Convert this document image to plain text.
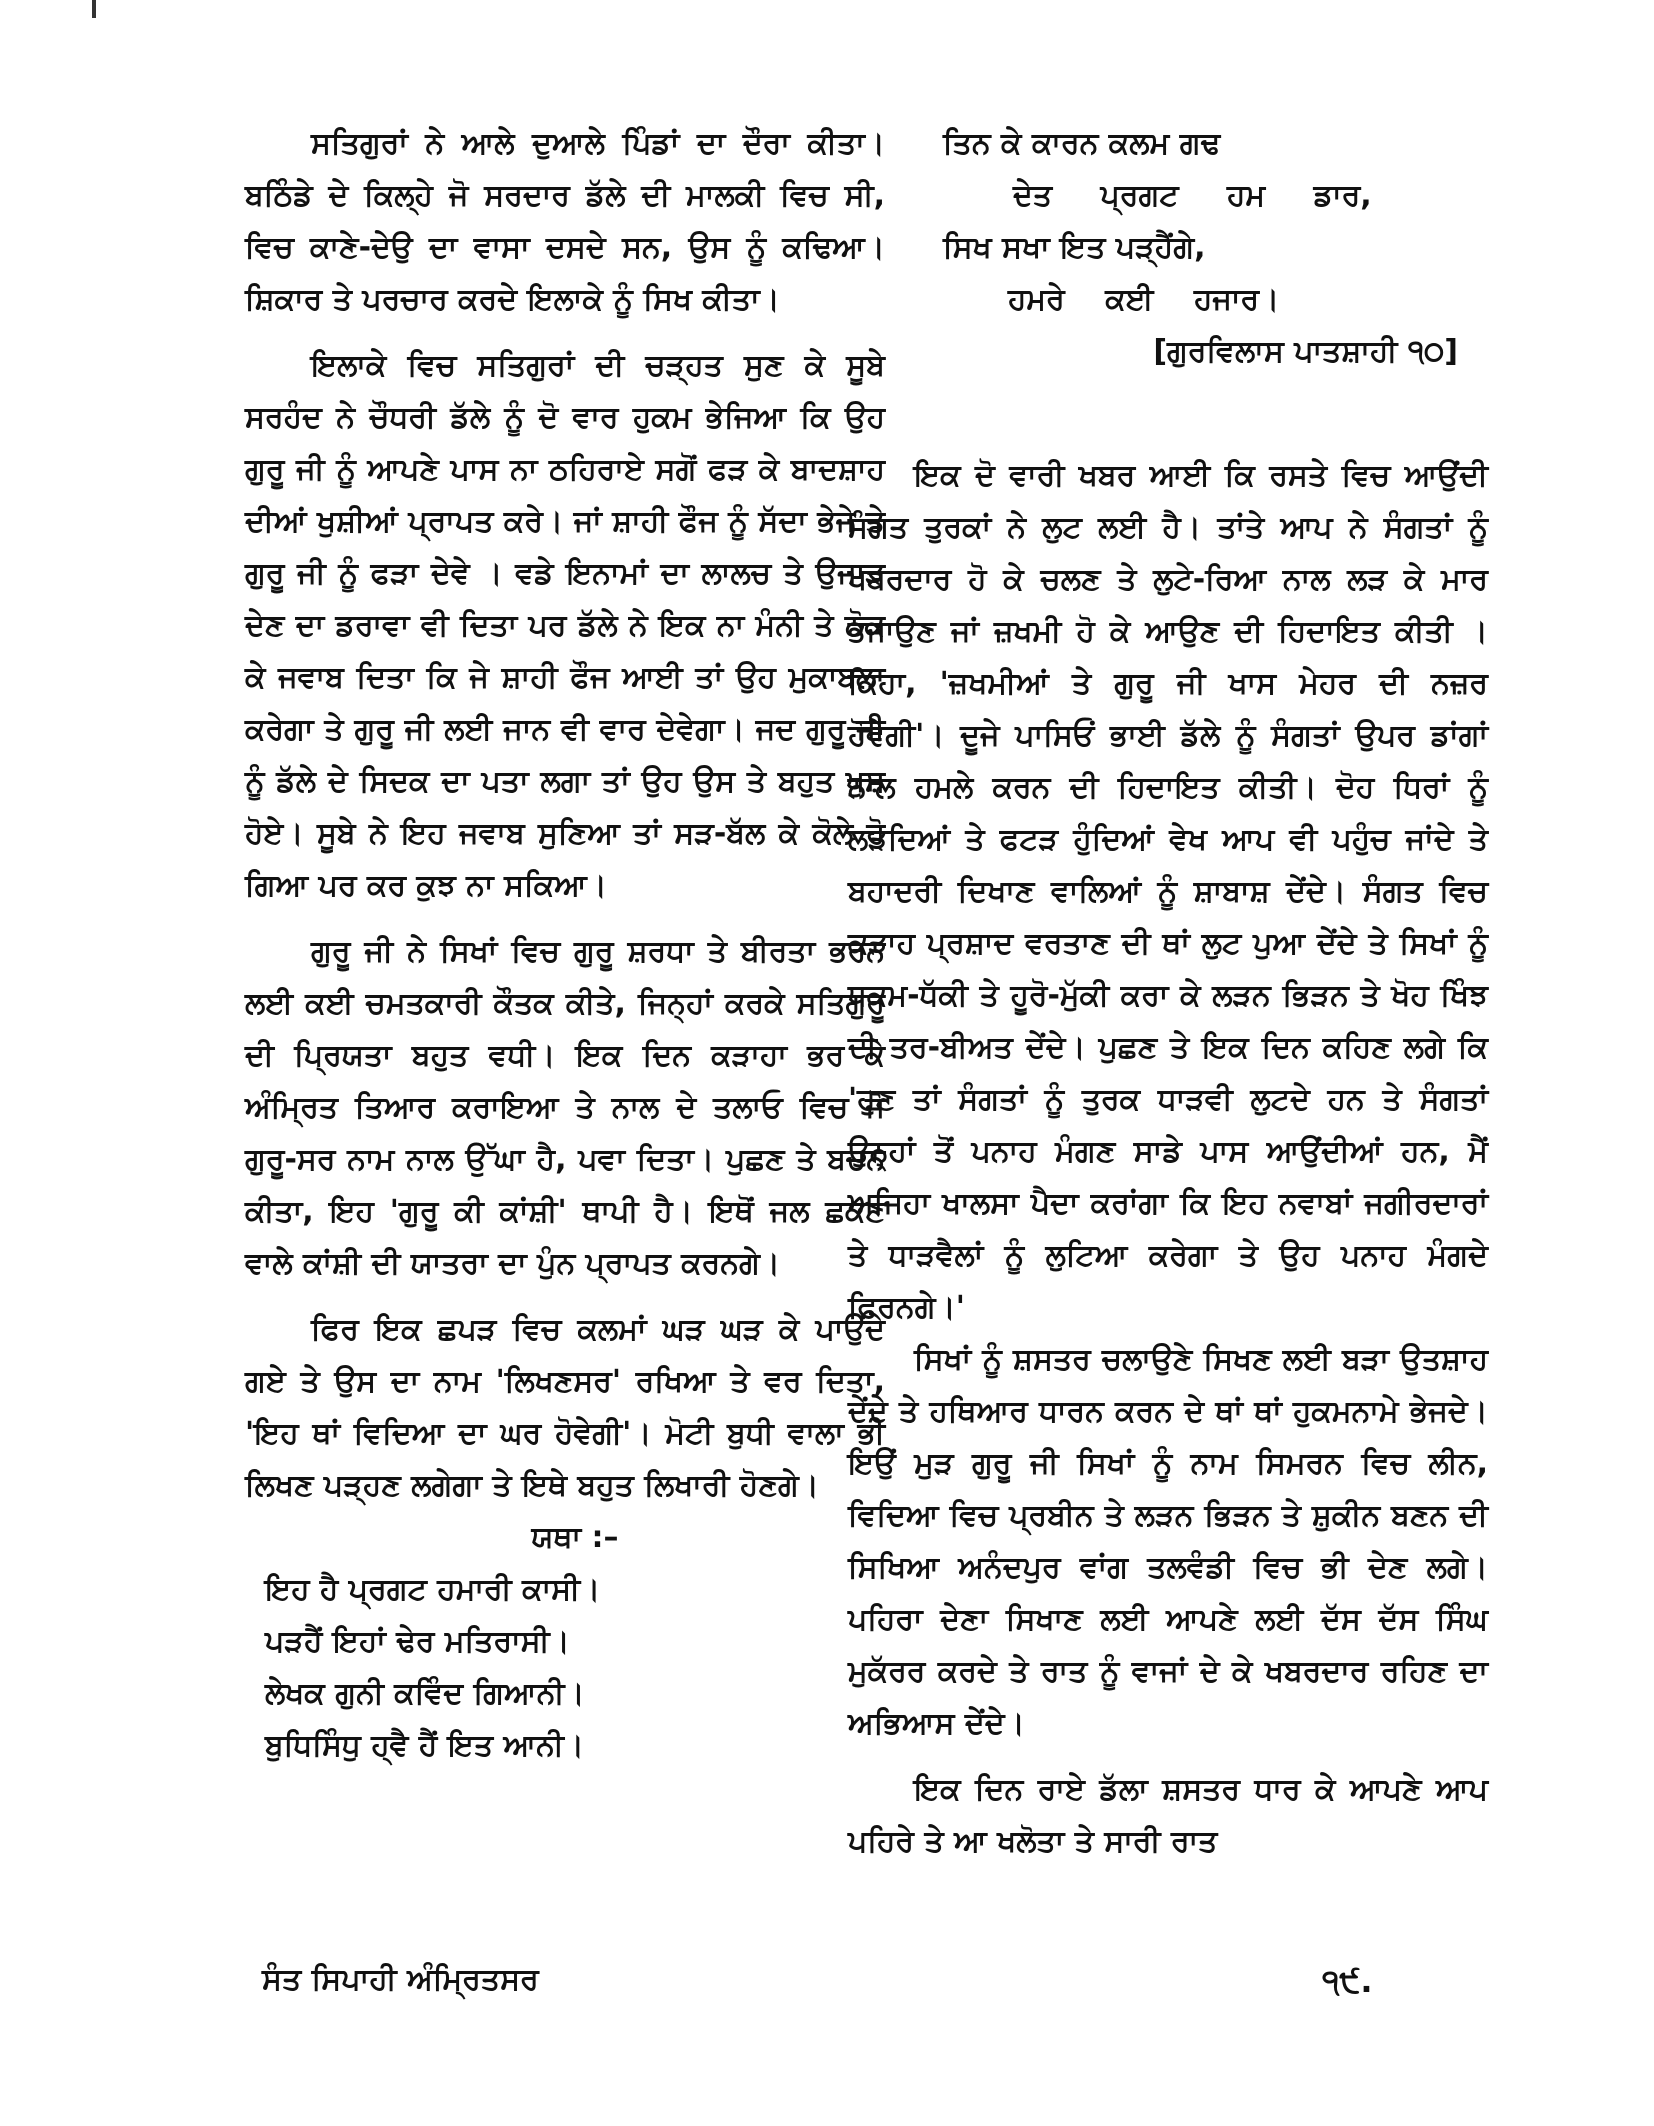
ਸਤਿਗੁਰਾਂ ਨੇ ਆਲੇ ਦੁਆਲੇ ਪਿੰਡਾਂ ਦਾ ਦੌਰਾ ਕੀਤਾ। ਬਠਿੰਡੇ ਦੇ ਕਿਲ੍ਹੇ ਜੋ ਸਰਦਾਰ ਡੱਲੇ ਦੀ ਮਾਲਕੀ ਵਿਚ ਸੀ, ਵਿਚ ਕਾਣੇ-ਦੇਉ ਦਾ ਵਾਸਾ ਦਸਦੇ ਸਨ, ਉਸ ਨੂੰ ਕਢਿਆ। ਸ਼ਿਕਾਰ ਤੇ ਪਰਚਾਰ ਕਰਦੇ ਇਲਾਕੇ ਨੂੰ ਸਿਖ ਕੀਤਾ।

ਇਲਾਕੇ ਵਿਚ ਸਤਿਗੁਰਾਂ ਦੀ ਚੜ੍ਹਤ ਸੁਣ ਕੇ ਸੂਬੇ ਸਰਹੰਦ ਨੇ ਚੌਧਰੀ ਡੱਲੇ ਨੂੰ ਦੋ ਵਾਰ ਹੁਕਮ ਭੇਜਿਆ ਕਿ ਉਹ ਗੁਰੂ ਜੀ ਨੂੰ ਆਪਣੇ ਪਾਸ ਨਾ ਠਹਿਰਾਏ ਸਗੋਂ ਫੜ ਕੇ ਬਾਦਸ਼ਾਹ ਦੀਆਂ ਖੁਸ਼ੀਆਂ ਪ੍ਰਾਪਤ ਕਰੇ। ਜਾਂ ਸ਼ਾਹੀ ਫੌਜ ਨੂੰ ਸੱਦਾ ਭੇਜੇ ਤੇ ਗੁਰੂ ਜੀ ਨੂੰ ਫੜਾ ਦੇਵੇ । ਵਡੇ ਇਨਾਮਾਂ ਦਾ ਲਾਲਚ ਤੇ ਉਜਾੜ ਦੇਣ ਦਾ ਡਰਾਵਾ ਵੀ ਦਿਤਾ ਪਰ ਡੱਲੇ ਨੇ ਇਕ ਨਾ ਮੰਨੀ ਤੇ ਠੋਕ ਕੇ ਜਵਾਬ ਦਿਤਾ ਕਿ ਜੇ ਸ਼ਾਹੀ ਫੌਜ ਆਈ ਤਾਂ ਉਹ ਮੁਕਾਬਲਾ ਕਰੇਗਾ ਤੇ ਗੁਰੂ ਜੀ ਲਈ ਜਾਨ ਵੀ ਵਾਰ ਦੇਵੇਗਾ। ਜਦ ਗੁਰੂ ਜੀ ਨੂੰ ਡੱਲੇ ਦੇ ਸਿਦਕ ਦਾ ਪਤਾ ਲਗਾ ਤਾਂ ਉਹ ਉਸ ਤੇ ਬਹੁਤ ਖੁਸ਼ ਹੋਏ। ਸੂਬੇ ਨੇ ਇਹ ਜਵਾਬ ਸੁਣਿਆ ਤਾਂ ਸੜ-ਬੱਲ ਕੇ ਕੋਲੇ ਹੋ ਗਿਆ ਪਰ ਕਰ ਕੁਝ ਨਾ ਸਕਿਆ।

ਗੁਰੂ ਜੀ ਨੇ ਸਿਖਾਂ ਵਿਚ ਗੁਰੂ ਸ਼ਰਧਾ ਤੇ ਬੀਰਤਾ ਭਰਨ ਲਈ ਕਈ ਚਮਤਕਾਰੀ ਕੌਤਕ ਕੀਤੇ, ਜਿਨ੍ਹਾਂ ਕਰਕੇ ਸਤਿਗੁਰੂ ਦੀ ਪ੍ਰਿਯਤਾ ਬਹੁਤ ਵਧੀ। ਇਕ ਦਿਨ ਕੜਾਹਾ ਭਰ ਕੇ ਅੰਮ੍ਰਿਤ ਤਿਆਰ ਕਰਾਇਆ ਤੇ ਨਾਲ ਦੇ ਤਲਾਓ ਵਿਚ ਜੋ ਗੁਰੂ-ਸਰ ਨਾਮ ਨਾਲ ਉੱਘਾ ਹੈ, ਪਵਾ ਦਿਤਾ। ਪੁਛਣ ਤੇ ਬਚਨ ਕੀਤਾ, ਇਹ 'ਗੁਰੂ ਕੀ ਕਾਂਸ਼ੀ' ਥਾਪੀ ਹੈ। ਇਥੋਂ ਜਲ ਛਕਣ ਵਾਲੇ ਕਾਂਸ਼ੀ ਦੀ ਯਾਤਰਾ ਦਾ ਪੁੰਨ ਪ੍ਰਾਪਤ ਕਰਨਗੇ।

ਫਿਰ ਇਕ ਛਪੜ ਵਿਚ ਕਲਮਾਂ ਘੜ ਘੜ ਕੇ ਪਾਉਂਦੇ ਗਏ ਤੇ ਉਸ ਦਾ ਨਾਮ 'ਲਿਖਣਸਰ' ਰਖਿਆ ਤੇ ਵਰ ਦਿਤਾ, 'ਇਹ ਥਾਂ ਵਿਦਿਆ ਦਾ ਘਰ ਹੋਵੇਗੀ'। ਮੋਟੀ ਬੁਧੀ ਵਾਲਾ ਭੀ ਲਿਖਣ ਪੜ੍ਹਣ ਲਗੇਗਾ ਤੇ ਇਥੇ ਬਹੁਤ ਲਿਖਾਰੀ ਹੋਣਗੇ।

ਯਥਾ :–

ਇਹ ਹੈ ਪ੍ਰਗਟ ਹਮਾਰੀ ਕਾਸੀ।
ਪੜਹੈਂ ਇਹਾਂ ਢੇਰ ਮਤਿਰਾਸੀ।
ਲੇਖਕ ਗੁਨੀ ਕਵਿੰਦ ਗਿਆਨੀ।
ਬੁਧਿਸਿੰਧੁ ਹ੍ਵੈ ਹੈਂ ਇਤ ਆਨੀ।
ਤਿਨ ਕੇ ਕਾਰਨ ਕਲਮ ਗਢ
ਦੇਤ ਪ੍ਰਗਟ ਹਮ ਡਾਰ,
ਸਿਖ ਸਖਾ ਇਤ ਪੜ੍ਹੈਂਗੇ,
ਹਮਰੇ ਕਈ ਹਜਾਰ।

[ਗੁਰਵਿਲਾਸ ਪਾਤਸ਼ਾਹੀ ੧੦]

ਇਕ ਦੋ ਵਾਰੀ ਖਬਰ ਆਈ ਕਿ ਰਸਤੇ ਵਿਚ ਆਉਂਦੀ ਸੰਗਤ ਤੁਰਕਾਂ ਨੇ ਲੁਟ ਲਈ ਹੈ। ਤਾਂਤੇ ਆਪ ਨੇ ਸੰਗਤਾਂ ਨੂੰ ਖਬਰਦਾਰ ਹੋ ਕੇ ਚਲਣ ਤੇ ਲੁਟੇ-ਰਿਆ ਨਾਲ ਲੜ ਕੇ ਮਾਰ ਭਜਾਉਣ ਜਾਂ ਜ਼ਖਮੀ ਹੋ ਕੇ ਆਉਣ ਦੀ ਹਿਦਾਇਤ ਕੀਤੀ । ਕਿਹਾ, 'ਜ਼ਖਮੀਆਂ ਤੇ ਗੁਰੂ ਜੀ ਖਾਸ ਮੇਹਰ ਦੀ ਨਜ਼ਰ ਹੋਵੇਗੀ'। ਦੂਜੇ ਪਾਸਿਓਂ ਭਾਈ ਡੱਲੇ ਨੂੰ ਸੰਗਤਾਂ ਉਪਰ ਡਾਂਗਾਂ ਨਾਲ ਹਮਲੇ ਕਰਨ ਦੀ ਹਿਦਾਇਤ ਕੀਤੀ। ਦੋਹ ਧਿਰਾਂ ਨੂੰ ਲੜਦਿਆਂ ਤੇ ਫਟੜ ਹੁੰਦਿਆਂ ਵੇਖ ਆਪ ਵੀ ਪਹੁੰਚ ਜਾਂਦੇ ਤੇ ਬਹਾਦਰੀ ਦਿਖਾਣ ਵਾਲਿਆਂ ਨੂੰ ਸ਼ਾਬਾਸ਼ ਦੇਂਦੇ। ਸੰਗਤ ਵਿਚ ਕੜਾਹ ਪ੍ਰਸ਼ਾਦ ਵਰਤਾਣ ਦੀ ਥਾਂ ਲੁਟ ਪੁਆ ਦੇਂਦੇ ਤੇ ਸਿਖਾਂ ਨੂੰ ਧਕਮ-ਧੱਕੀ ਤੇ ਹੂਰੋ-ਮੁੱਕੀ ਕਰਾ ਕੇ ਲੜਨ ਭਿੜਨ ਤੇ ਖੋਹ ਖਿੰਝ ਦੀ ਤਰ-ਬੀਅਤ ਦੇਂਦੇ। ਪੁਛਣ ਤੇ ਇਕ ਦਿਨ ਕਹਿਣ ਲਗੇ ਕਿ 'ਹੁਣ ਤਾਂ ਸੰਗਤਾਂ ਨੂੰ ਤੁਰਕ ਧਾੜਵੀ ਲੁਟਦੇ ਹਨ ਤੇ ਸੰਗਤਾਂ ਉਨ੍ਹਾਂ ਤੋਂ ਪਨਾਹ ਮੰਗਣ ਸਾਡੇ ਪਾਸ ਆਉਂਦੀਆਂ ਹਨ, ਮੈਂ ਅਜਿਹਾ ਖਾਲਸਾ ਪੈਦਾ ਕਰਾਂਗਾ ਕਿ ਇਹ ਨਵਾਬਾਂ ਜਗੀਰਦਾਰਾਂ ਤੇ ਧਾੜਵੈਲਾਂ ਨੂੰ ਲੁਟਿਆ ਕਰੇਗਾ ਤੇ ਉਹ ਪਨਾਹ ਮੰਗਦੇ ਫਿਰਨਗੇ।'

ਸਿਖਾਂ ਨੂੰ ਸ਼ਸਤਰ ਚਲਾਉਣੇ ਸਿਖਣ ਲਈ ਬੜਾ ਉਤਸ਼ਾਹ ਦੇਂਦੇ ਤੇ ਹਥਿਆਰ ਧਾਰਨ ਕਰਨ ਦੇ ਥਾਂ ਥਾਂ ਹੁਕਮਨਾਮੇ ਭੇਜਦੇ। ਇਉਂ ਮੁੜ ਗੁਰੂ ਜੀ ਸਿਖਾਂ ਨੂੰ ਨਾਮ ਸਿਮਰਨ ਵਿਚ ਲੀਨ, ਵਿਦਿਆ ਵਿਚ ਪ੍ਰਬੀਨ ਤੇ ਲੜਨ ਭਿੜਨ ਤੇ ਸ਼ੁਕੀਨ ਬਣਨ ਦੀ ਸਿਖਿਆ ਅਨੰਦਪੁਰ ਵਾਂਗ ਤਲਵੰਡੀ ਵਿਚ ਭੀ ਦੇਣ ਲਗੇ। ਪਹਿਰਾ ਦੇਣਾ ਸਿਖਾਣ ਲਈ ਆਪਣੇ ਲਈ ਦੱਸ ਦੱਸ ਸਿੰਘ ਮੁਕੱਰਰ ਕਰਦੇ ਤੇ ਰਾਤ ਨੂੰ ਵਾਜਾਂ ਦੇ ਕੇ ਖਬਰਦਾਰ ਰਹਿਣ ਦਾ ਅਭਿਆਸ ਦੇਂਦੇ।

ਇਕ ਦਿਨ ਰਾਏ ਡੱਲਾ ਸ਼ਸਤਰ ਧਾਰ ਕੇ ਆਪਣੇ ਆਪ ਪਹਿਰੇ ਤੇ ਆ ਖਲੋਤਾ ਤੇ ਸਾਰੀ ਰਾਤ

ਸੰਤ ਸਿਪਾਹੀ ਅੰਮ੍ਰਿਤਸਰ	੧੯.
